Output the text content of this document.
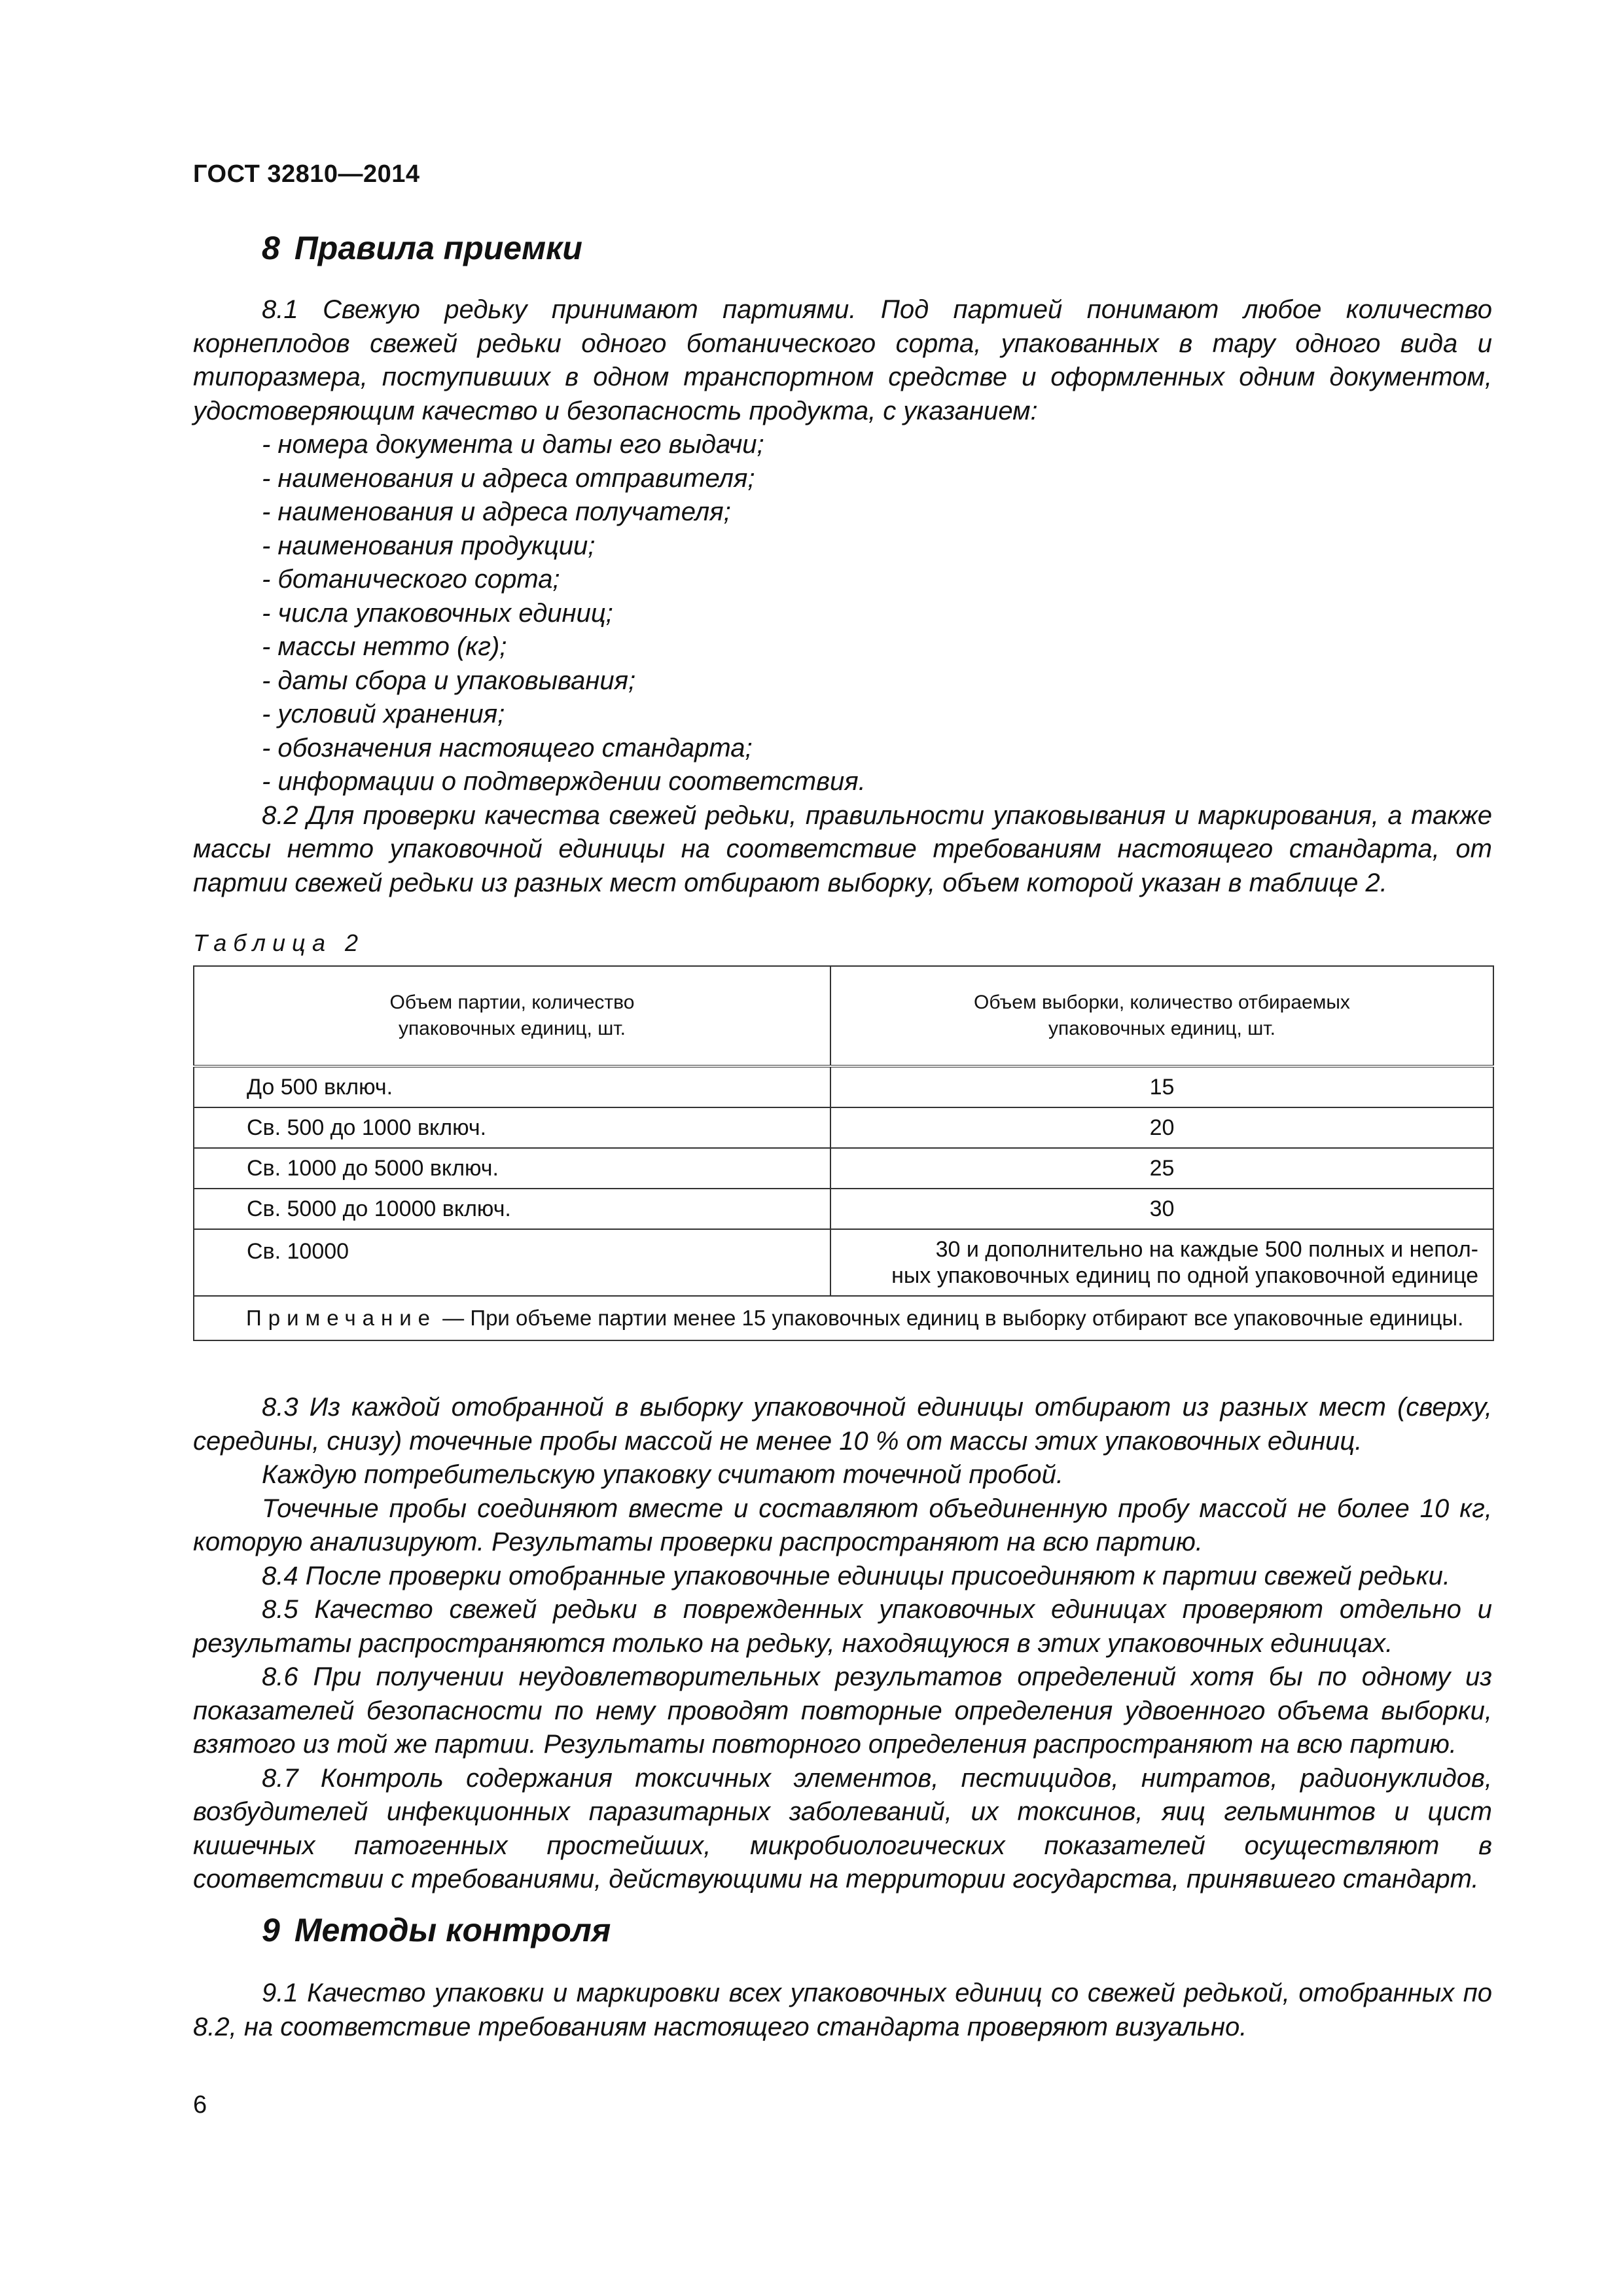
ГОСТ 32810—2014
8 Правила приемки

8.1 Свежую редьку принимают партиями. Под партией понимают любое количество корнеплодов свежей редьки одного ботанического сорта, упакованных в тару одного вида и типоразмера, поступивших в одном транспортном средстве и оформленных одним документом, удостоверяющим качество и безопасность продукта, с указанием:

- номера документа и даты его выдачи;
- наименования и адреса отправителя;
- наименования и адреса получателя;
- наименования продукции;
- ботанического сорта;
- числа упаковочных единиц;
- массы нетто (кг);
- даты сбора и упаковывания;
- условий хранения;
- обозначения настоящего стандарта;
- информации о подтверждении соответствия.

8.2 Для проверки качества свежей редьки, правильности упаковывания и маркирования, а также массы нетто упаковочной единицы на соответствие требованиям настоящего стандарта, от партии свежей редьки из разных мест отбирают выборку, объем которой указан в таблице 2.

Таблица 2
Объем партии, количество
упаковочных единиц, шт.	Объем выборки, количество отбираемых
упаковочных единиц, шт.
До 500 включ.	15
Св. 500 до 1000 включ.	20
Св. 1000 до 5000 включ.	25
Св. 5000 до 10000 включ.	30
Св. 10000	30 и дополнительно на каждые 500 полных и непол-
ных упаковочных единиц по одной упаковочной единице
Примечание — При объеме партии менее 15 упаковочных единиц в выборку отбирают все упаковочные единицы.	

8.3 Из каждой отобранной в выборку упаковочной единицы отбирают из разных мест (сверху, середины, снизу) точечные пробы массой не менее 10 % от массы этих упаковочных единиц.

Каждую потребительскую упаковку считают точечной пробой.

Точечные пробы соединяют вместе и составляют объединенную пробу массой не более 10 кг, которую анализируют. Результаты проверки распространяют на всю партию.

8.4 После проверки отобранные упаковочные единицы присоединяют к партии свежей редьки.

8.5 Качество свежей редьки в поврежденных упаковочных единицах проверяют отдельно и результаты распространяются только на редьку, находящуюся в этих упаковочных единицах.

8.6 При получении неудовлетворительных результатов определений хотя бы по одному из показателей безопасности по нему проводят повторные определения удвоенного объема выборки, взятого из той же партии. Результаты повторного определения распространяют на всю партию.

8.7 Контроль содержания токсичных элементов, пестицидов, нитратов, радионуклидов, возбудителей инфекционных паразитарных заболеваний, их токсинов, яиц гельминтов и цист кишечных патогенных простейших, микробиологических показателей осуществляют в соответствии с требованиями, действующими на территории государства, принявшего стандарт.

9 Методы контроля

9.1 Качество упаковки и маркировки всех упаковочных единиц со свежей редькой, отобранных по 8.2, на соответствие требованиям настоящего стандарта проверяют визуально.

6
